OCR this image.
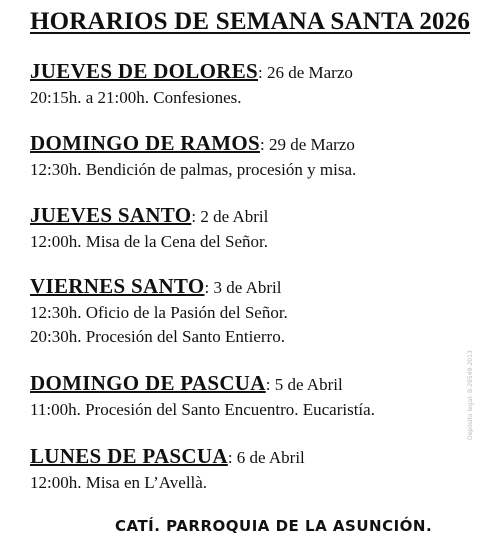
HORARIOS DE SEMANA SANTA 2026
JUEVES DE DOLORES: 26 de Marzo
20:15h. a 21:00h. Confesiones.
DOMINGO DE RAMOS: 29 de Marzo
12:30h. Bendición de palmas, procesión y misa.
JUEVES SANTO: 2 de Abril
12:00h. Misa de la Cena del Señor.
VIERNES SANTO: 3 de Abril
12:30h. Oficio de la Pasión del Señor.
20:30h. Procesión del Santo Entierro.
DOMINGO DE PASCUA: 5 de Abril
11:00h. Procesión del Santo Encuentro. Eucaristía.
LUNES DE PASCUA: 6 de Abril
12:00h. Misa en L’Avellà.
CATÍ. PARROQUIA DE LA ASUNCIÓN.
Depósito legal: B-29549-2013
